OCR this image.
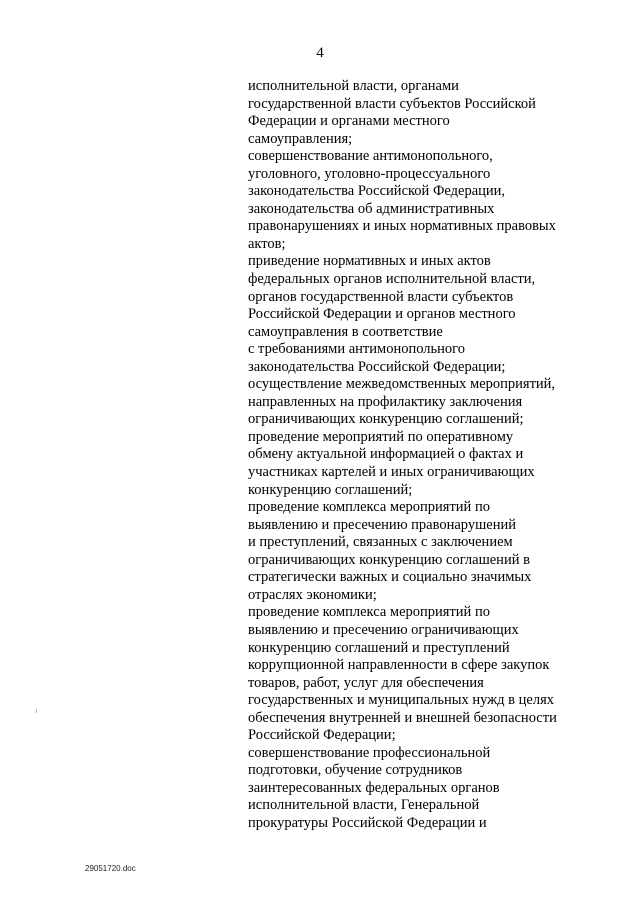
4
исполнительной власти, органами
государственной власти субъектов Российской
Федерации и органами местного
самоуправления;
совершенствование антимонопольного,
уголовного, уголовно-процессуального
законодательства Российской Федерации,
законодательства об административных
правонарушениях и иных нормативных правовых
актов;
приведение нормативных и иных актов
федеральных органов исполнительной власти,
органов государственной власти субъектов
Российской Федерации и органов местного
самоуправления в соответствие
с требованиями антимонопольного
законодательства Российской Федерации;
осуществление межведомственных мероприятий,
направленных на профилактику заключения
ограничивающих конкуренцию соглашений;
проведение мероприятий по оперативному
обмену актуальной информацией о фактах и
участниках картелей и иных ограничивающих
конкуренцию соглашений;
проведение комплекса мероприятий по
выявлению и пресечению правонарушений
и преступлений, связанных с заключением
ограничивающих конкуренцию соглашений в
стратегически важных и социально значимых
отраслях экономики;
проведение комплекса мероприятий по
выявлению и пресечению ограничивающих
конкуренцию соглашений и преступлений
коррупционной направленности в сфере закупок
товаров, работ, услуг для обеспечения
государственных и муниципальных нужд в целях
обеспечения внутренней и внешней безопасности
Российской Федерации;
совершенствование профессиональной
подготовки, обучение сотрудников
заинтересованных федеральных органов
исполнительной власти, Генеральной
прокуратуры Российской Федерации и
29051720.doc
